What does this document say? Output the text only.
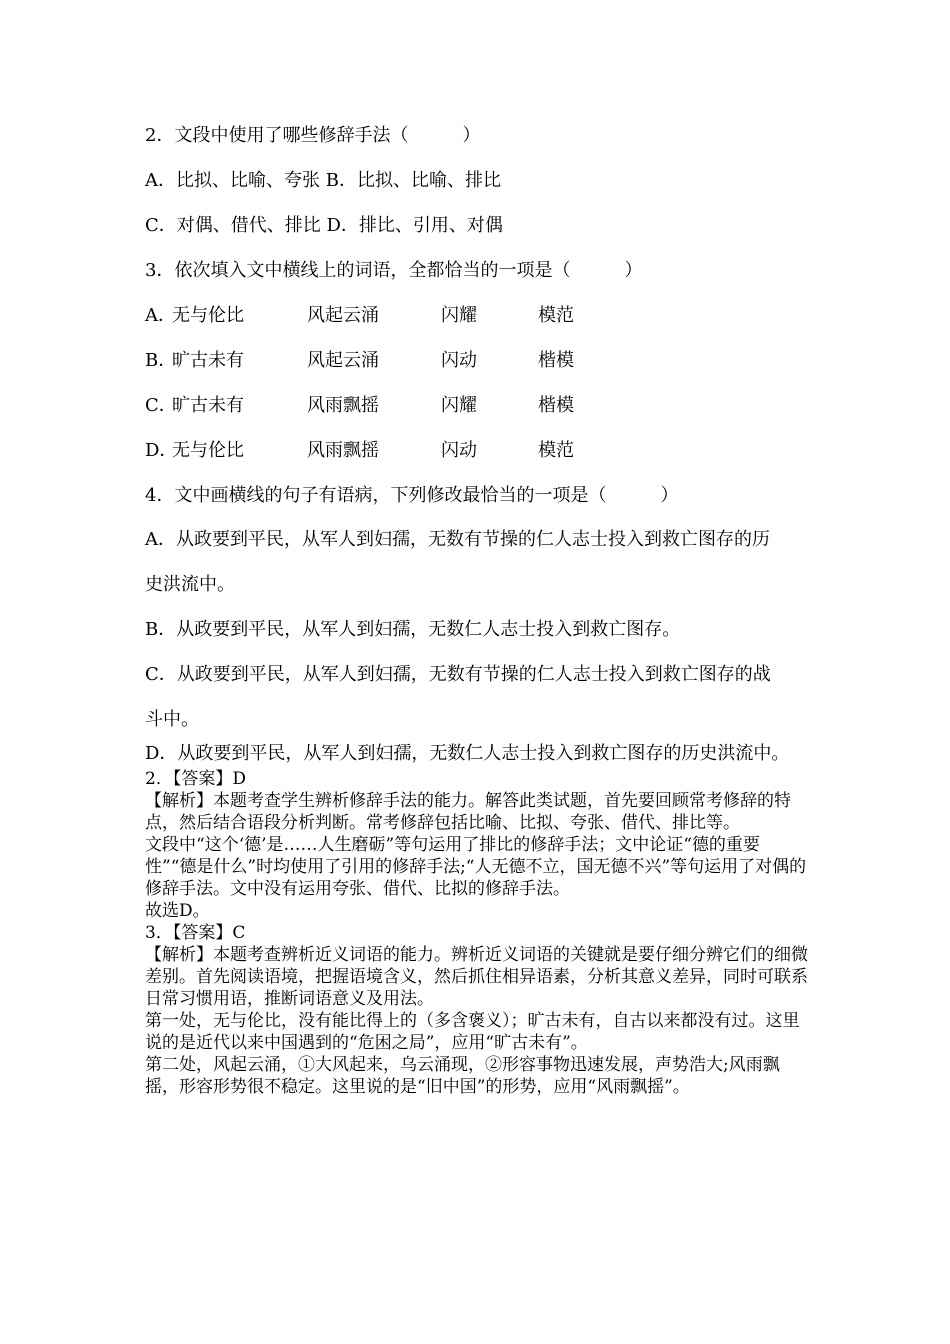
2．文段中使用了哪些修辞手法（　　　）
A．比拟、比喻、夸张 B．比拟、比喻、排比
C．对偶、借代、排比 D．排比、引用、对偶
3．依次填入文中横线上的词语，全都恰当的一项是（　　　）
A．
无与伦比	风起云涌	闪耀	模范
B．
旷古未有	风起云涌	闪动	楷模
C．
旷古未有	风雨飘摇	闪耀	楷模
D．
无与伦比	风雨飘摇	闪动	模范
4．文中画横线的句子有语病，下列修改最恰当的一项是（　　　）
A．从政要到平民，从军人到妇孺，无数有节操的仁人志士投入到救亡图存的历
史洪流中。
B．从政要到平民，从军人到妇孺，无数仁人志士投入到救亡图存。
C．从政要到平民，从军人到妇孺，无数有节操的仁人志士投入到救亡图存的战
斗中。
D．从政要到平民，从军人到妇孺，无数仁人志士投入到救亡图存的历史洪流中。

2．【答案】D

【解析】本题考查学生辨析修辞手法的能力。解答此类试题，首先要回顾常考修辞的特点，然后结合语段分析判断。常考修辞包括比喻、比拟、夸张、借代、排比等。

文段中“这个‘德’是……人生磨砺”等句运用了排比的修辞手法；文中论证“德的重要性”“德是什么”时均使用了引用的修辞手法;“人无德不立，国无德不兴”等句运用了对偶的修辞手法。文中没有运用夸张、借代、比拟的修辞手法。

故选D。

3．【答案】C

【解析】本题考查辨析近义词语的能力。辨析近义词语的关键就是要仔细分辨它们的细微差别。首先阅读语境，把握语境含义，然后抓住相异语素，分析其意义差异，同时可联系日常习惯用语，推断词语意义及用法。

第一处，无与伦比，没有能比得上的（多含褒义）；旷古未有，自古以来都没有过。这里说的是近代以来中国遇到的“危困之局”，应用“旷古未有”。

第二处，风起云涌，①大风起来，乌云涌现，②形容事物迅速发展，声势浩大;风雨飘摇，形容形势很不稳定。这里说的是“旧中国”的形势，应用“风雨飘摇”。
